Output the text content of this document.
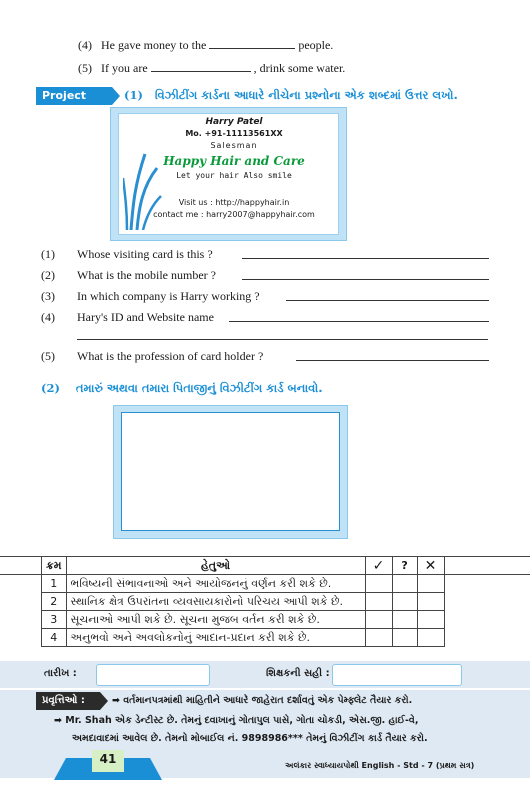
(4) He gave money to the	people.
(5) If you are	, drink some water.
Project Work
(1) વિઝીટીંગ કાર્ડના આધારે નીચેના પ્રશ્નોના એક શબ્દમાં ઉત્તર લખો.
Harry Patel
Mo. +91-11113561XX
Salesman
Happy Hair and Care
Let your hair Also smile
Visit us : http://happyhair.in
contact me : harry2007@happyhair.com
(1) Whose visiting card is this ?
(2) What is the mobile number ?
(3) In which company is Harry working ?
(4) Hary's ID and Website name
(5) What is the profession of card holder ?
(2) તમારું અથવા તમારા પિતાજીનું વિઝીટીંગ કાર્ડ બનાવો.
	ક્રમ	હેતુઓ	✓	?	✕	
	1	ભવિષ્યની સંભાવનાઓ અને આયોજનનું વર્ણન કરી શકે છે.				
	2	સ્થાનિક ક્ષેત્ર ઉપરાંતના વ્યવસાયકારોનો પરિચય આપી શકે છે.				
	3	સૂચનાઓ આપી શકે છે. સૂચના મુજબ વર્તન કરી શકે છે.				
	4	અનુભવો અને અવલોકનોનું આદાન-પ્રદાન કરી શકે છે.				
તારીખ :	શિક્ષકની સહી :
પ્રવૃત્તિઓ :	➡ વર્તમાનપત્રમાંથી માહિતીને આધારે જાહેરાત દર્શાવતું એક પેમ્ફ્લેટ તૈયાર કરો.
➡ Mr. Shah એક ડેન્ટીસ્ટ છે. તેમનું દવાખાનું ગોતાપુલ પાસે, ગોતા ચોકડી, એસ.જી. હાઈ-વે,
અમદાવાદમાં આવેલ છે. તેમનો મોબાઈલ નં. 9898986*** તેમનું વિઝીટીંગ કાર્ડ તૈયાર કરો.
41	અલંકાર સ્વાધ્યાયપોથી English - Std - 7 (પ્રથમ સત્ર)
